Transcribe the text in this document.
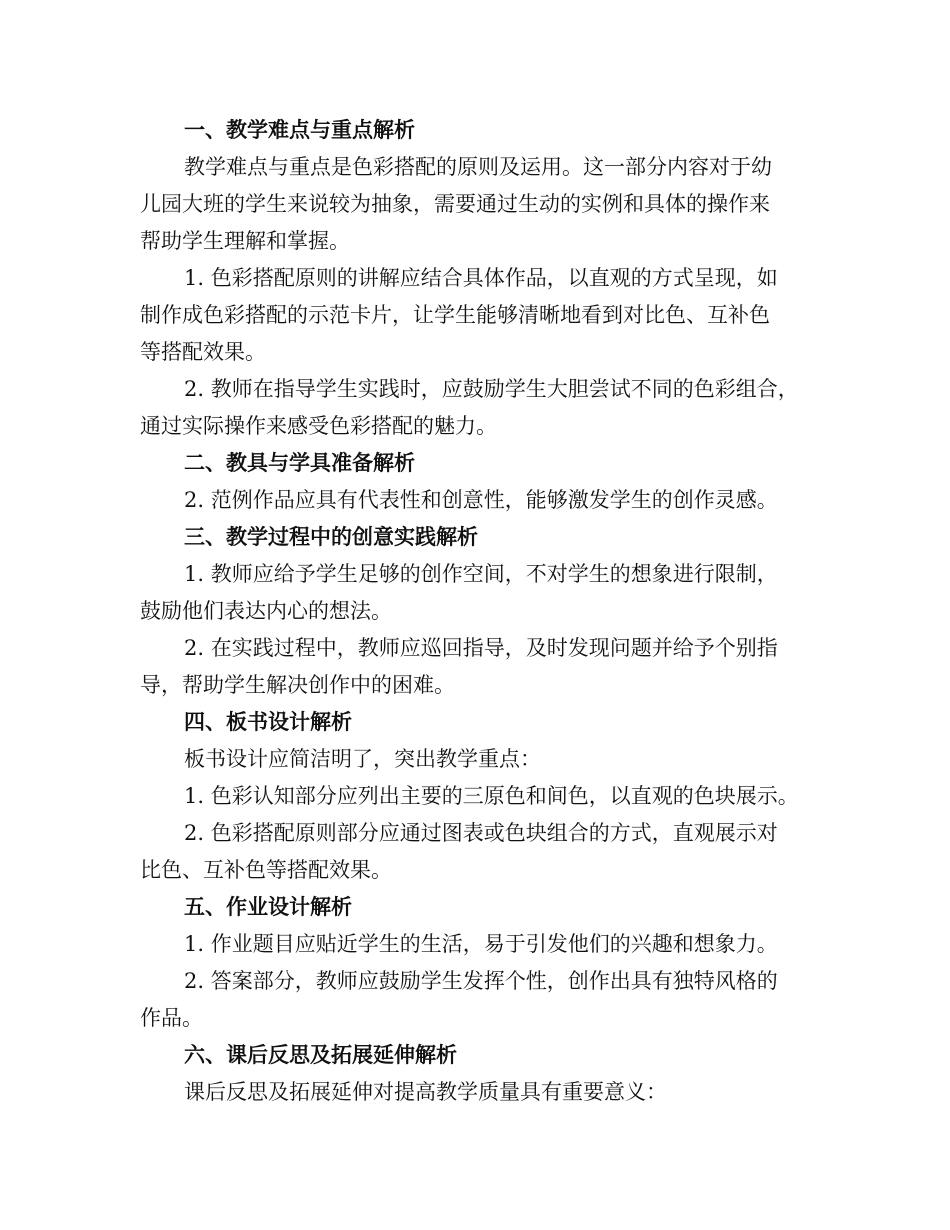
一、教学难点与重点解析
教学难点与重点是色彩搭配的原则及运用。这一部分内容对于幼
儿园大班的学生来说较为抽象，需要通过生动的实例和具体的操作来
帮助学生理解和掌握。
1. 色彩搭配原则的讲解应结合具体作品，以直观的方式呈现，如
制作成色彩搭配的示范卡片，让学生能够清晰地看到对比色、互补色
等搭配效果。
2. 教师在指导学生实践时，应鼓励学生大胆尝试不同的色彩组合，
通过实际操作来感受色彩搭配的魅力。
二、教具与学具准备解析
2. 范例作品应具有代表性和创意性，能够激发学生的创作灵感。
三、教学过程中的创意实践解析
1. 教师应给予学生足够的创作空间，不对学生的想象进行限制，
鼓励他们表达内心的想法。
2. 在实践过程中，教师应巡回指导，及时发现问题并给予个别指
导，帮助学生解决创作中的困难。
四、板书设计解析
板书设计应简洁明了，突出教学重点：
1. 色彩认知部分应列出主要的三原色和间色，以直观的色块展示。
2. 色彩搭配原则部分应通过图表或色块组合的方式，直观展示对
比色、互补色等搭配效果。
五、作业设计解析
1. 作业题目应贴近学生的生活，易于引发他们的兴趣和想象力。
2. 答案部分，教师应鼓励学生发挥个性，创作出具有独特风格的
作品。
六、课后反思及拓展延伸解析
课后反思及拓展延伸对提高教学质量具有重要意义：
